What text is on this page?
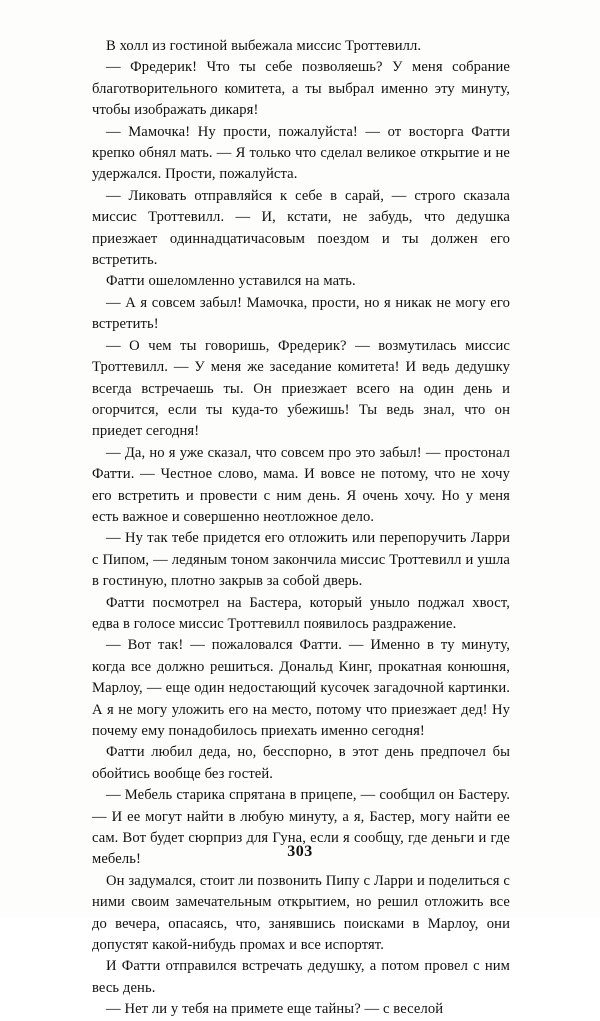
В холл из гостиной выбежала миссис Троттевилл.

— Фредерик! Что ты себе позволяешь? У меня собрание благотворительного комитета, а ты выбрал именно эту минуту, чтобы изображать дикаря!

— Мамочка! Ну прости, пожалуйста! — от восторга Фатти крепко обнял мать. — Я только что сделал великое открытие и не удержался. Прости, пожалуйста.

— Ликовать отправляйся к себе в сарай, — строго сказала миссис Троттевилл. — И, кстати, не забудь, что дедушка приезжает одиннадцатичасовым поездом и ты должен его встретить.

Фатти ошеломленно уставился на мать.

— А я совсем забыл! Мамочка, прости, но я никак не могу его встретить!

— О чем ты говоришь, Фредерик? — возмутилась миссис Троттевилл. — У меня же заседание комитета! И ведь дедушку всегда встречаешь ты. Он приезжает всего на один день и огорчится, если ты куда-то убежишь! Ты ведь знал, что он приедет сегодня!

— Да, но я уже сказал, что совсем про это забыл! — простонал Фатти. — Честное слово, мама. И вовсе не потому, что не хочу его встретить и провести с ним день. Я очень хочу. Но у меня есть важное и совершенно неотложное дело.

— Ну так тебе придется его отложить или перепоручить Ларри с Пипом, — ледяным тоном закончила миссис Троттевилл и ушла в гостиную, плотно закрыв за собой дверь.

Фатти посмотрел на Бастера, который уныло поджал хвост, едва в голосе миссис Троттевилл появилось раздражение.

— Вот так! — пожаловался Фатти. — Именно в ту минуту, когда все должно решиться. Дональд Кинг, прокатная конюшня, Марлоу, — еще один недостающий кусочек загадочной картинки. А я не могу уложить его на место, потому что приезжает дед! Ну почему ему понадобилось приехать именно сегодня!

Фатти любил деда, но, бесспорно, в этот день предпочел бы обойтись вообще без гостей.

— Мебель старика спрятана в прицепе, — сообщил он Бастеру. — И ее могут найти в любую минуту, а я, Бастер, могу найти ее сам. Вот будет сюрприз для Гуна, если я сообщу, где деньги и где мебель!

Он задумался, стоит ли позвонить Пипу с Ларри и поделиться с ними своим замечательным открытием, но решил отложить все до вечера, опасаясь, что, занявшись поисками в Марлоу, они допустят какой-нибудь промах и все испортят.

И Фатти отправился встречать дедушку, а потом провел с ним весь день.

— Нет ли у тебя на примете еще тайны? — с веселой

303
